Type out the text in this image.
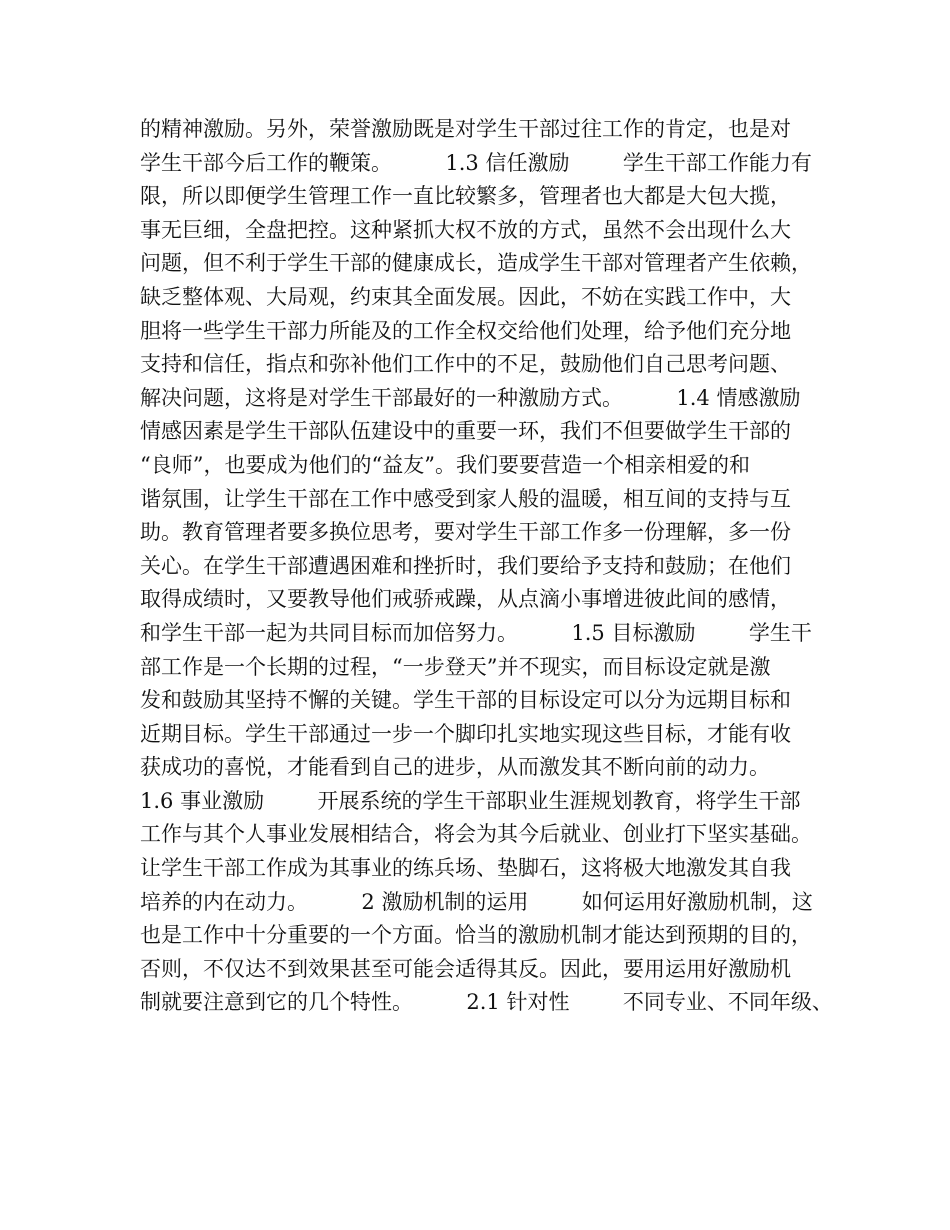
的精神激励。另外，荣誉激励既是对学生干部过往工作的肯定，也是对
学生干部今后工作的鞭策。        1.3 信任激励        学生干部工作能力有
限，所以即便学生管理工作一直比较繁多，管理者也大都是大包大揽，
事无巨细，全盘把控。这种紧抓大权不放的方式，虽然不会出现什么大
问题，但不利于学生干部的健康成长，造成学生干部对管理者产生依赖，
缺乏整体观、大局观，约束其全面发展。因此，不妨在实践工作中，大
胆将一些学生干部力所能及的工作全权交给他们处理，给予他们充分地
支持和信任，指点和弥补他们工作中的不足，鼓励他们自己思考问题、
解决问题，这将是对学生干部最好的一种激励方式。        1.4 情感激励
情感因素是学生干部队伍建设中的重要一环，我们不但要做学生干部的
“良师”，也要成为他们的“益友”。我们要要营造一个相亲相爱的和
谐氛围，让学生干部在工作中感受到家人般的温暖，相互间的支持与互
助。教育管理者要多换位思考，要对学生干部工作多一份理解，多一份
关心。在学生干部遭遇困难和挫折时，我们要给予支持和鼓励；在他们
取得成绩时，又要教导他们戒骄戒躁，从点滴小事增进彼此间的感情，
和学生干部一起为共同目标而加倍努力。        1.5 目标激励        学生干
部工作是一个长期的过程，“一步登天”并不现实，而目标设定就是激
发和鼓励其坚持不懈的关键。学生干部的目标设定可以分为远期目标和
近期目标。学生干部通过一步一个脚印扎实地实现这些目标，才能有收
获成功的喜悦，才能看到自己的进步，从而激发其不断向前的动力。
1.6 事业激励        开展系统的学生干部职业生涯规划教育，将学生干部
工作与其个人事业发展相结合，将会为其今后就业、创业打下坚实基础。
让学生干部工作成为其事业的练兵场、垫脚石，这将极大地激发其自我
培养的内在动力。        2 激励机制的运用        如何运用好激励机制，这
也是工作中十分重要的一个方面。恰当的激励机制才能达到预期的目的，
否则，不仅达不到效果甚至可能会适得其反。因此，要用运用好激励机
制就要注意到它的几个特性。        2.1 针对性        不同专业、不同年级、
